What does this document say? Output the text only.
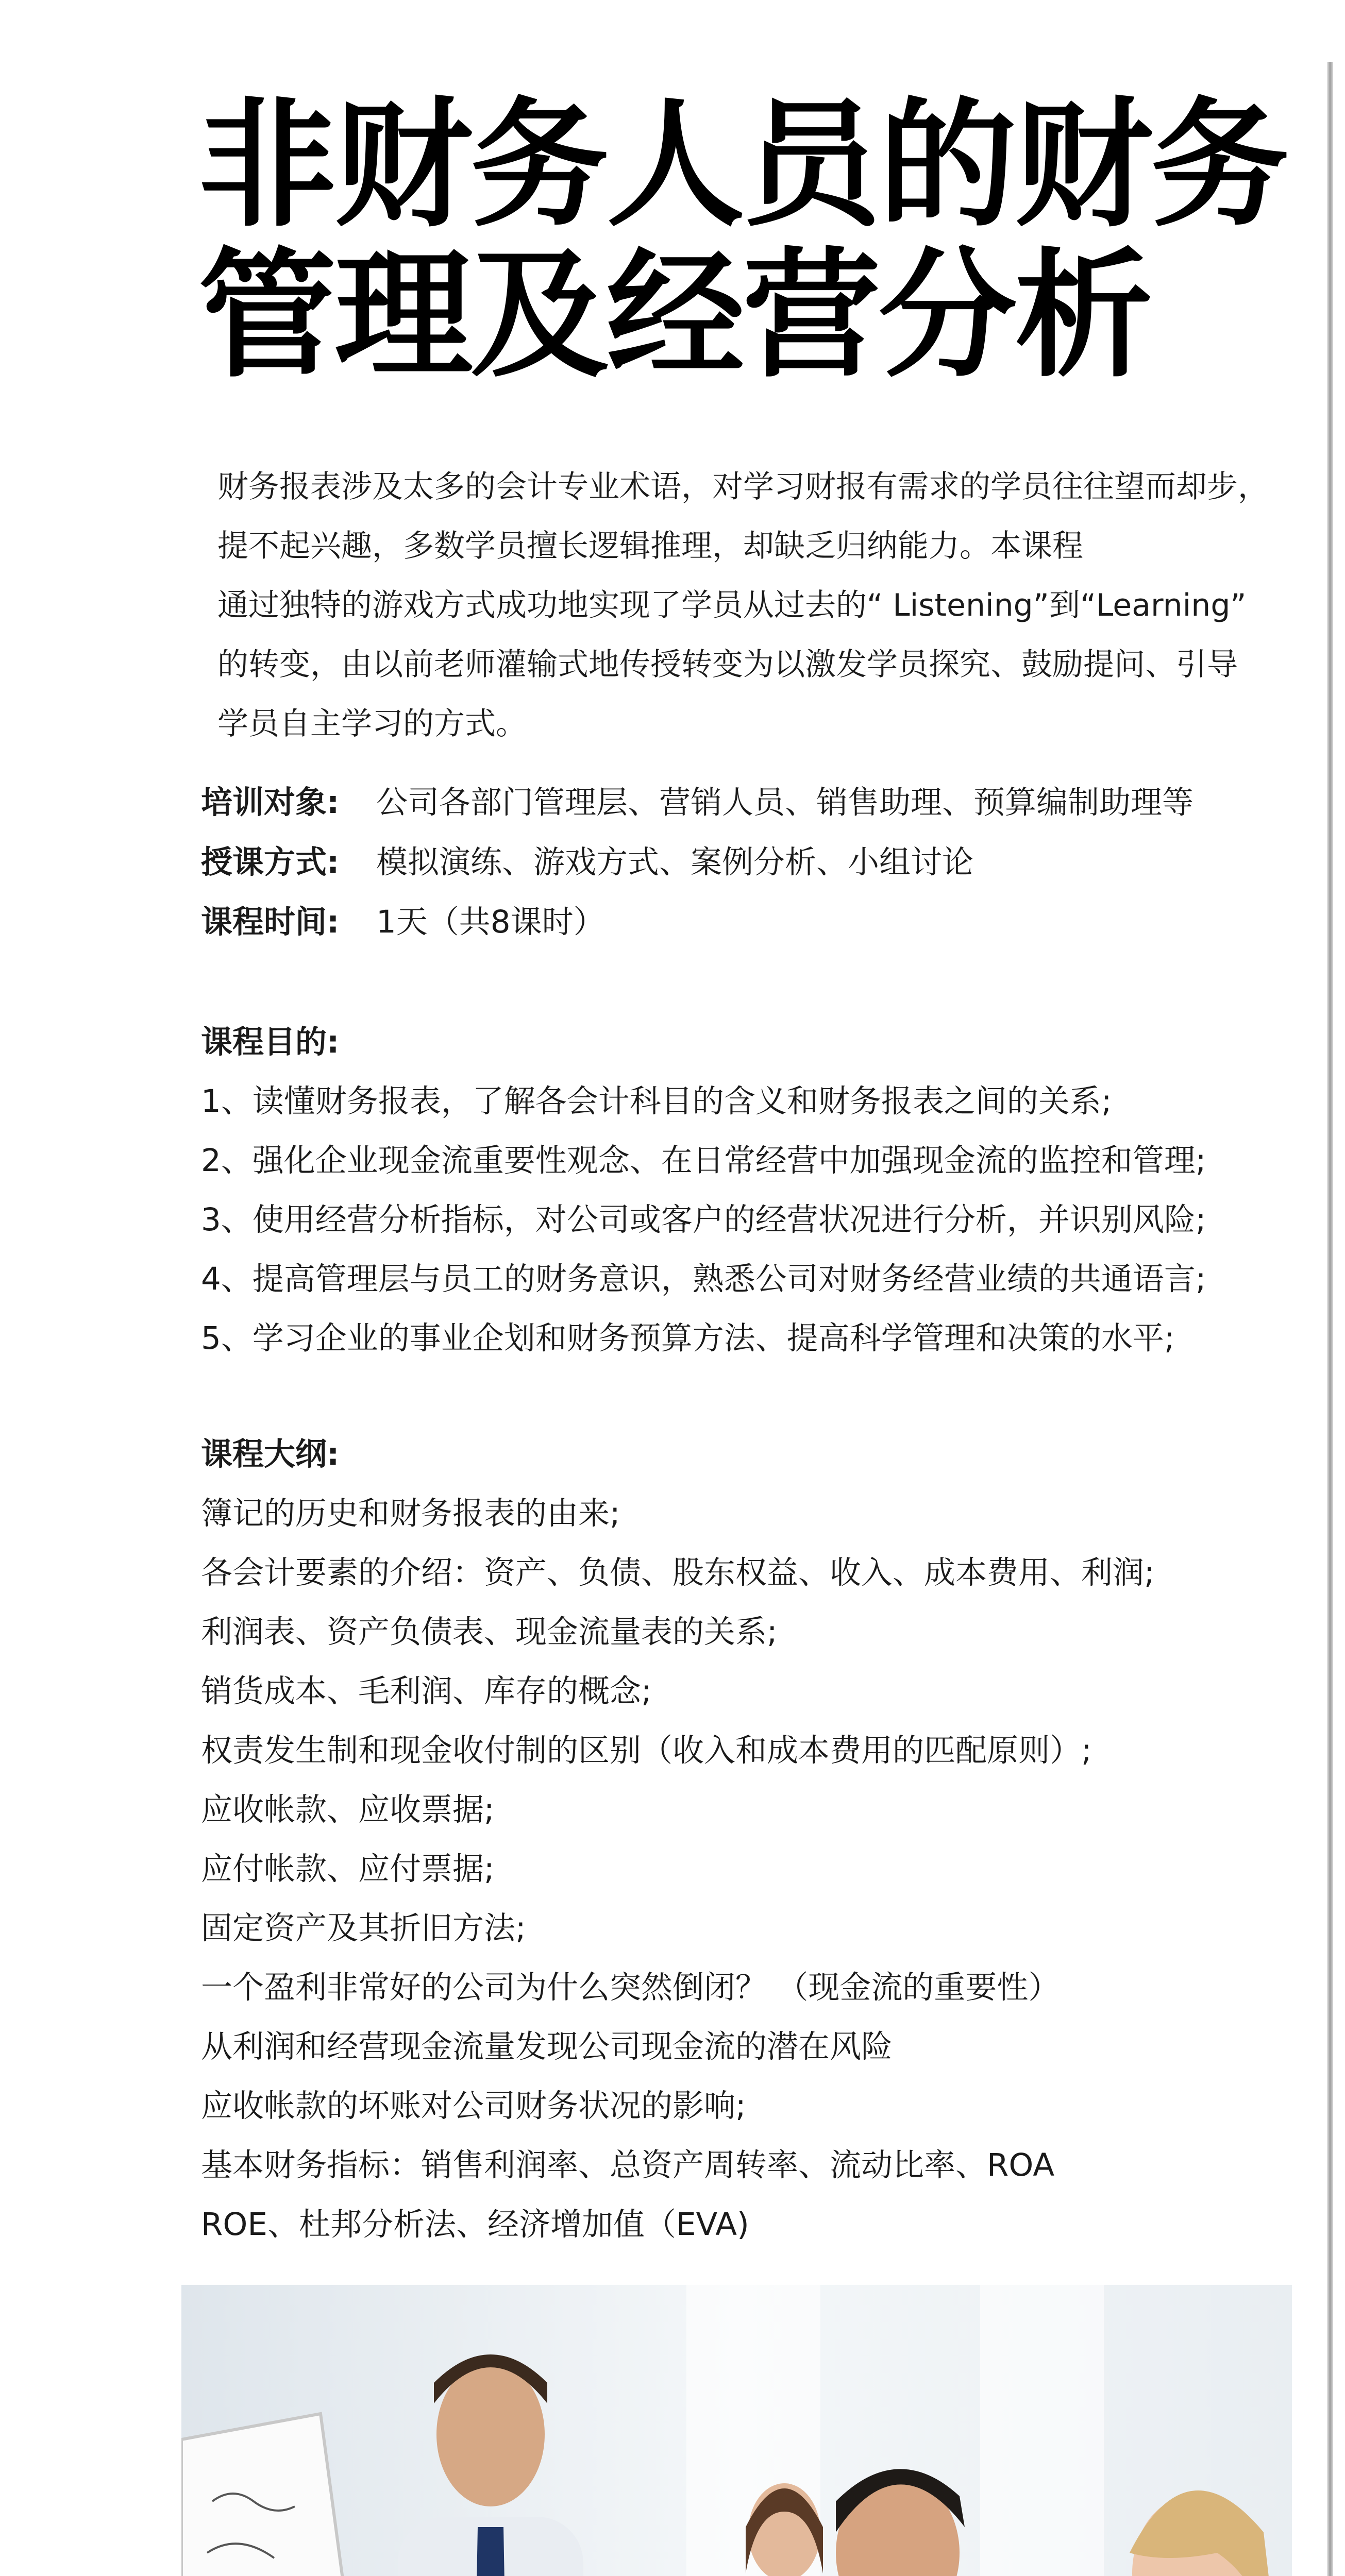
非财务人员的财务
管理及经营分析
财务报表涉及太多的会计专业术语，对学习财报有需求的学员往往望而却步，
提不起兴趣，多数学员擅长逻辑推理，却缺乏归纳能力。本课程
通过独特的游戏方式成功地实现了学员从过去的“ Listening”到“Learning”
的转变，由以前老师灌输式地传授转变为以激发学员探究、鼓励提问、引导
学员自主学习的方式。
培训对象: 公司各部门管理层、营销人员、销售助理、预算编制助理等
授课方式: 模拟演练、游戏方式、案例分析、小组讨论
课程时间: 1天（共8课时）
课程目的:
1、读懂财务报表，了解各会计科目的含义和财务报表之间的关系;
2、强化企业现金流重要性观念、在日常经营中加强现金流的监控和管理;
3、使用经营分析指标，对公司或客户的经营状况进行分析，并识别风险;
4、提高管理层与员工的财务意识，熟悉公司对财务经营业绩的共通语言;
5、学习企业的事业企划和财务预算方法、提高科学管理和决策的水平;
课程大纲:
簿记的历史和财务报表的由来;
各会计要素的介绍：资产、负债、股东权益、收入、成本费用、利润;
利润表、资产负债表、现金流量表的关系;
销货成本、毛利润、库存的概念;
权责发生制和现金收付制的区别（收入和成本费用的匹配原则）;
应收帐款、应收票据;
应付帐款、应付票据;
固定资产及其折旧方法;
一个盈利非常好的公司为什么突然倒闭？ （现金流的重要性）
从利润和经营现金流量发现公司现金流的潜在风险
应收帐款的坏账对公司财务状况的影响;
基本财务指标：销售利润率、总资产周转率、流动比率、ROA
ROE、杜邦分析法、经济增加值（EVA)
